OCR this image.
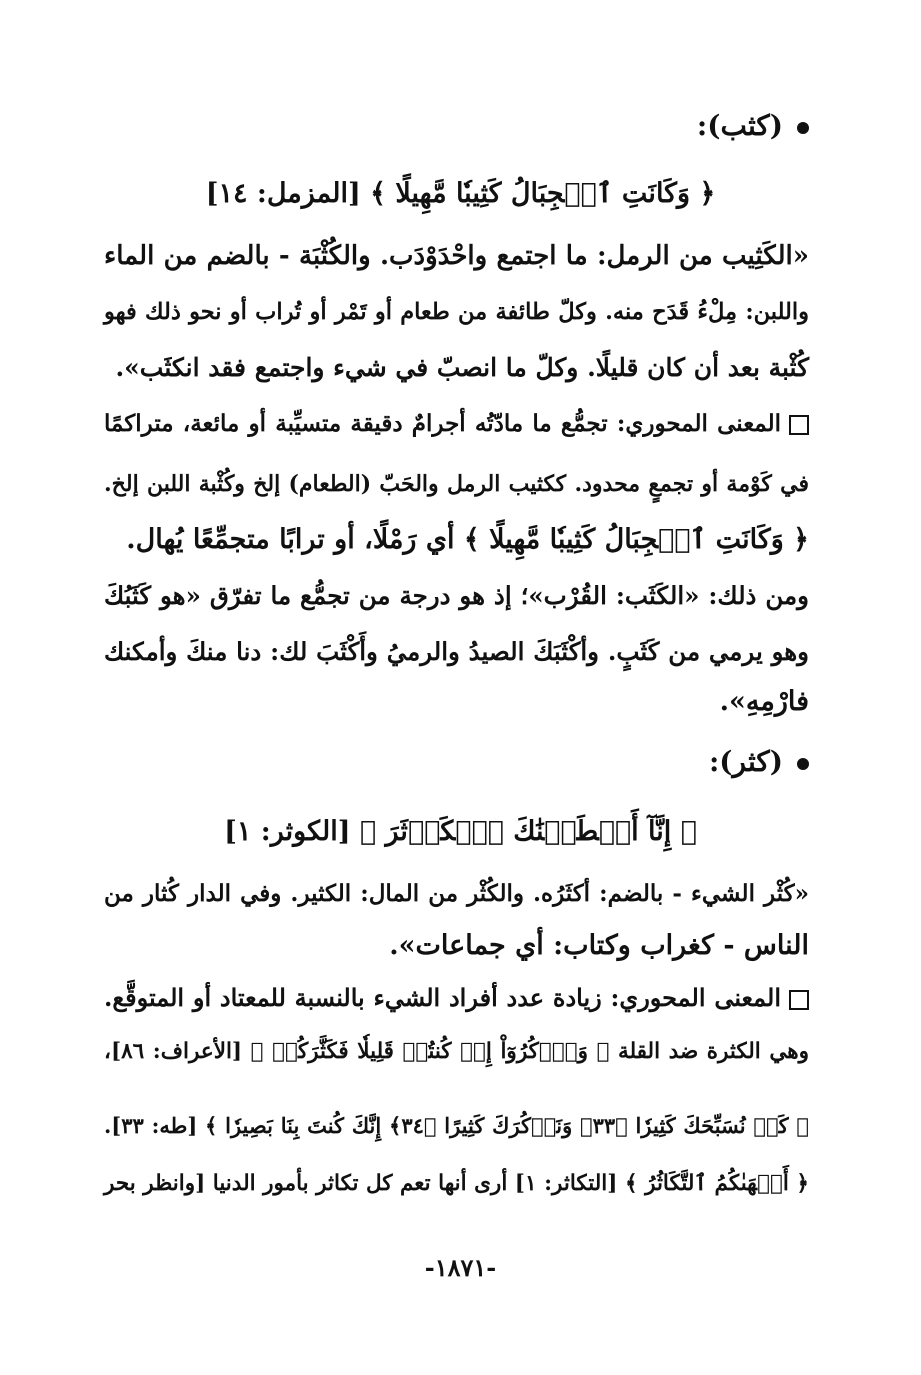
(كثب):
﴿ وَكَانَتِ ٱلۡجِبَالُ كَثِيبٗا مَّهِيلًا ﴾ [المزمل: ١٤]
«الكَثِيب من الرمل: ما اجتمع واحْدَوْدَب. والكُثْبَة - بالضم من الماء
واللبن: مِلْءُ قَدَح منه. وكلّ طائفة من طعام أو تَمْر أو تُراب أو نحو ذلك فهو
كُثْبة بعد أن كان قليلًا. وكلّ ما انصبّ في شيء واجتمع فقد انكثَب».
المعنى المحوري: تجمُّع ما مادّتُه أجرامٌ دقيقة متسيِّبة أو مائعة، متراكمًا
في كَوْمة أو تجمعٍ محدود. ككثيب الرمل والحَبّ (الطعام) إلخ وكُثْبة اللبن إلخ.
﴿ وَكَانَتِ ٱلۡجِبَالُ كَثِيبٗا مَّهِيلًا ﴾ أي رَمْلًا، أو ترابًا متجمِّعًا يُهال.
ومن ذلك: «الكَثَب: القُرْب»؛ إذ هو درجة من تجمُّع ما تفرّق «هو كَثَبُكَ
وهو يرمي من كَثَبٍ. وأكْثَبَكَ الصيدُ والرميُ وأَكْثَبَ لك: دنا منكَ وأمكنك
فارْمِهِ».
(كثر):
﴿ إِنَّآ أَعۡطَيۡنَٰكَ ٱلۡكَوۡثَرَ ﴾ [الكوثر: ١]
«كُثْر الشيء - بالضم: أكثَرُه. والكُثْر من المال: الكثير. وفي الدار كُثار من
الناس - كغراب وكتاب: أي جماعات».
المعنى المحوري: زيادة عدد أفراد الشيء بالنسبة للمعتاد أو المتوقَّع.
وهي الكثرة ضد القلة ﴿ وَٱذۡكُرُوٓاْ إِذۡ كُنتُمۡ قَلِيلٗا فَكَثَّرَكُمۡ ﴾ [الأعراف: ٨٦]،
﴿ كَيۡ نُسَبِّحَكَ كَثِيرٗا ﴿٣٣﴾ وَنَذۡكُرَكَ كَثِيرًا ﴿٣٤﴾ إِنَّكَ كُنتَ بِنَا بَصِيرٗا ﴾ [طه: ٣٣].
﴿ أَلۡهَىٰكُمُ ٱلتَّكَاثُرُ ﴾ [التكاثر: ١] أرى أنها تعم كل تكاثر بأمور الدنيا [وانظر بحر
-١٨٧١-
